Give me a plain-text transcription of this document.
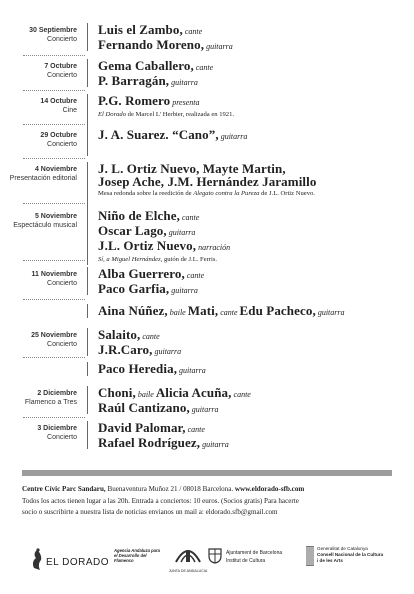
30 Septiembre
Concierto
Luis el Zambo, cante
Fernando Moreno, guitarra
7 Octubre
Concierto
Gema Caballero, cante
P. Barragán, guitarra
14 Octubre
Cine
P.G. Romero presenta
El Dorado de Marcel L' Herbier, realizada en 1921.
29 Octubre
Concierto
J. A. Suarez. “Cano”, guitarra
4 Noviembre
Presentación editorial
J. L. Ortiz Nuevo, Mayte Martin,
Josep Ache, J.M. Hernández Jaramillo
Mesa redonda sobre la reedición de Alegato contra la Pureza de J.L. Ortiz Nuevo.
5 Noviembre
Espectáculo musical
Niño de Elche, cante
Oscar Lago, guitarra
J.L. Ortiz Nuevo, narración
Sí, a Miguel Hernández, guión de J.L. Ferris.
11 Noviembre
Concierto
Alba Guerrero, cante
Paco Garfia, guitarra
Aina Núñez, baile Mati, cante Edu Pacheco, guitarra
25 Noviembre
Concierto
Salaito, cante
J.R.Caro, guitarra
Paco Heredia, guitarra
2 Diciembre
Flamenco a Tres
Choni, baile Alicia Acuña, cante
Raúl Cantizano, guitarra
3 Diciembre
Concierto
David Palomar, cante
Rafael Rodríguez, guitarra
Centre Cívic Parc Sandaru, Buenaventura Muñoz 21 / 08018 Barcelona. www.eldorado-sfb.com
Todos los actos tienen lugar a las 20h. Entrada a conciertos: 10 euros. (Socios gratis) Para hacerte
socio o suscribirte a nuestra lista de noticias envianos un mail a: eldorado.sfb@gmail.com
EL DORADO
Agencia Andaluza para el Desarrollo del Flamenco
JUNTA DE ANDALUCIA
Ajuntament de Barcelona
Institut de Cultura
Generalitat de Catalunya
Consell Nacional de la Cultura
i de les Arts
